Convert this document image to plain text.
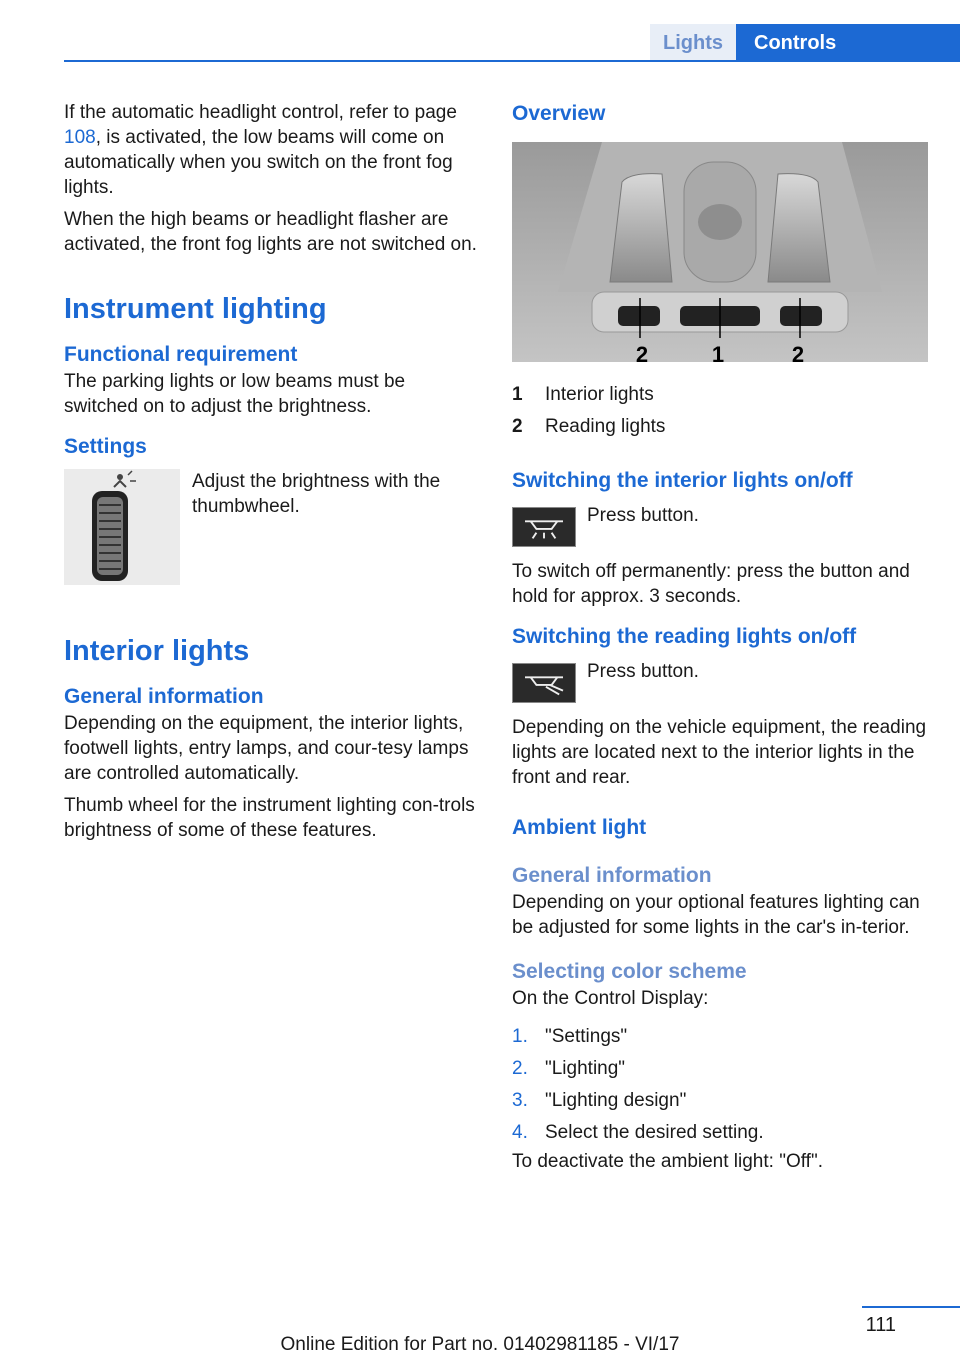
Lights	Controls

If the automatic headlight control, refer to page 108, is activated, the low beams will come on automatically when you switch on the front fog lights.

When the high beams or headlight flasher are activated, the front fog lights are not switched on.

Instrument lighting
Functional requirement

The parking lights or low beams must be switched on to adjust the brightness.

Settings

Adjust the brightness with the thumbwheel.

Interior lights
General information

Depending on the equipment, the interior lights, footwell lights, entry lamps, and cour‐tesy lamps are controlled automatically.

Thumb wheel for the instrument lighting con‐trols brightness of some of these features.

Overview
2	1	2
1	Interior lights
2	Reading lights
Switching the interior lights on/off

Press button.

To switch off permanently: press the button and hold for approx. 3 seconds.

Switching the reading lights on/off

Press button.

Depending on the vehicle equipment, the reading lights are located next to the interior lights in the front and rear.

Ambient light
General information

Depending on your optional features lighting can be adjusted for some lights in the car's in‐terior.

Selecting color scheme

On the Control Display:

1. "Settings"
2. "Lighting"
3. "Lighting design"
4. Select the desired setting.

To deactivate the ambient light: "Off".

111
Online Edition for Part no. 01402981185 - VI/17
